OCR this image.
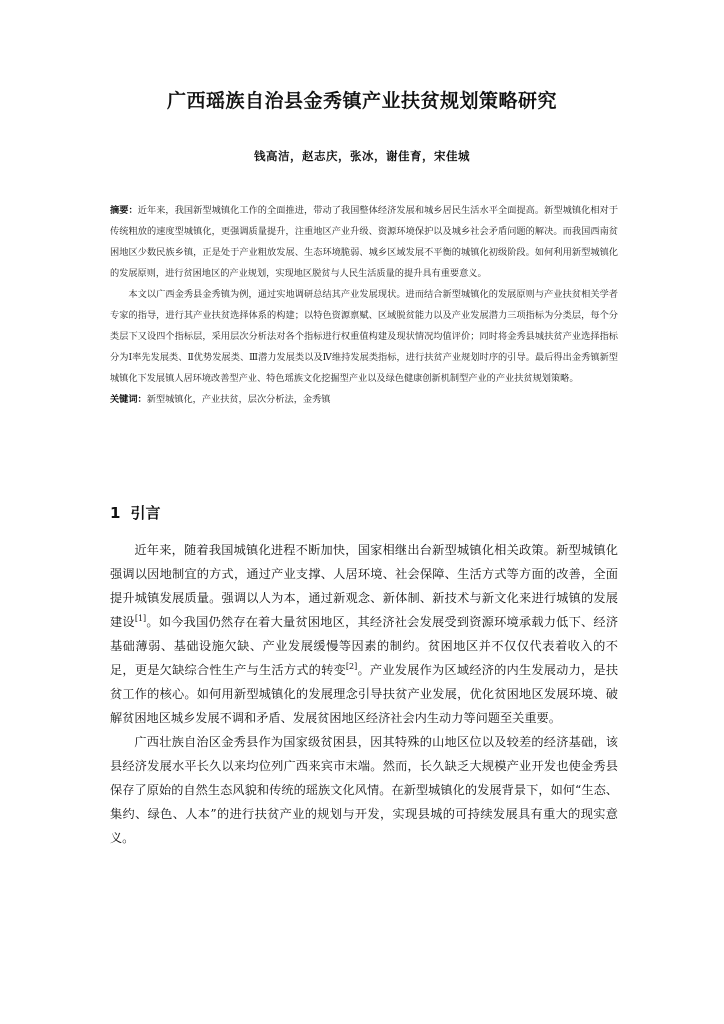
广西瑶族自治县金秀镇产业扶贫规划策略研究
钱高洁，赵志庆，张冰，谢佳育，宋佳城

摘要：近年来，我国新型城镇化工作的全面推进，带动了我国整体经济发展和城乡居民生活水平全面提高。新型城镇化相对于传统粗放的速度型城镇化，更强调质量提升，注重地区产业升级、资源环境保护以及城乡社会矛盾问题的解决。而我国西南贫困地区少数民族乡镇，正是处于产业粗放发展、生态环境脆弱、城乡区域发展不平衡的城镇化初级阶段。如何利用新型城镇化的发展原则，进行贫困地区的产业规划，实现地区脱贫与人民生活质量的提升具有重要意义。

本文以广西金秀县金秀镇为例，通过实地调研总结其产业发展现状。进而结合新型城镇化的发展原则与产业扶贫相关学者专家的指导，进行其产业扶贫选择体系的构建；以特色资源禀赋、区域脱贫能力以及产业发展潜力三项指标为分类层，每个分类层下又设四个指标层，采用层次分析法对各个指标进行权重值构建及现状情况均值评价；同时将金秀县城扶贫产业选择指标分为Ⅰ率先发展类、Ⅱ优势发展类、Ⅲ潜力发展类以及Ⅳ维持发展类指标，进行扶贫产业规划时序的引导。最后得出金秀镇新型城镇化下发展镇人居环境改善型产业、特色瑶族文化挖掘型产业以及绿色健康创新机制型产业的产业扶贫规划策略。

关键词：新型城镇化，产业扶贫，层次分析法，金秀镇

1 引言

近年来，随着我国城镇化进程不断加快，国家相继出台新型城镇化相关政策。新型城镇化强调以因地制宜的方式，通过产业支撑、人居环境、社会保障、生活方式等方面的改善，全面提升城镇发展质量。强调以人为本，通过新观念、新体制、新技术与新文化来进行城镇的发展建设[1]。如今我国仍然存在着大量贫困地区，其经济社会发展受到资源环境承载力低下、经济基础薄弱、基础设施欠缺、产业发展缓慢等因素的制约。贫困地区并不仅仅代表着收入的不足，更是欠缺综合性生产与生活方式的转变[2]。产业发展作为区域经济的内生发展动力，是扶贫工作的核心。如何用新型城镇化的发展理念引导扶贫产业发展，优化贫困地区发展环境、破解贫困地区城乡发展不调和矛盾、发展贫困地区经济社会内生动力等问题至关重要。

广西壮族自治区金秀县作为国家级贫困县，因其特殊的山地区位以及较差的经济基础，该县经济发展水平长久以来均位列广西来宾市末端。然而，长久缺乏大规模产业开发也使金秀县保存了原始的自然生态风貌和传统的瑶族文化风情。在新型城镇化的发展背景下，如何“生态、集约、绿色、人本”的进行扶贫产业的规划与开发，实现县城的可持续发展具有重大的现实意义。
